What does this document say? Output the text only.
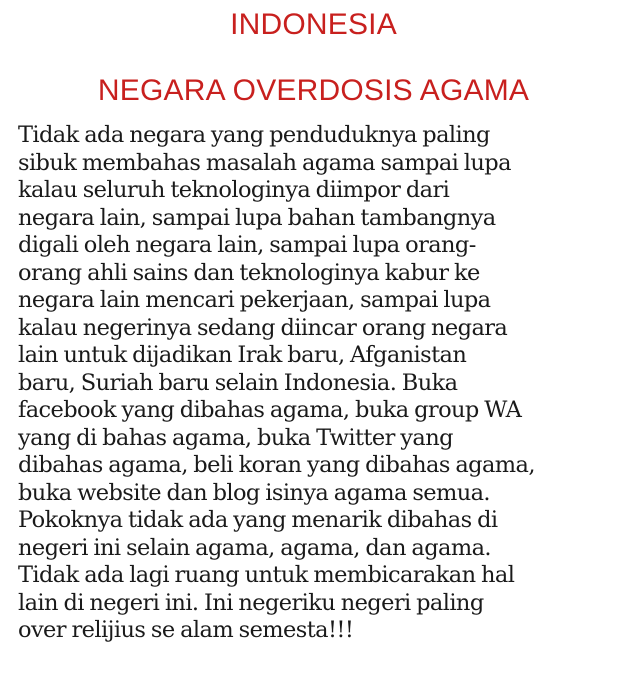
INDONESIA
NEGARA OVERDOSIS AGAMA
Tidak ada negara yang penduduknya paling
sibuk membahas masalah agama sampai lupa
kalau seluruh teknologinya diimpor dari
negara lain, sampai lupa bahan tambangnya
digali oleh negara lain, sampai lupa orang-
orang ahli sains dan teknologinya kabur ke
negara lain mencari pekerjaan, sampai lupa
kalau negerinya sedang diincar orang negara
lain untuk dijadikan Irak baru, Afganistan
baru, Suriah baru selain Indonesia. Buka
facebook yang dibahas agama, buka group WA
yang di bahas agama, buka Twitter yang
dibahas agama, beli koran yang dibahas agama,
buka website dan blog isinya agama semua.
Pokoknya tidak ada yang menarik dibahas di
negeri ini selain agama, agama, dan agama.
Tidak ada lagi ruang untuk membicarakan hal
lain di negeri ini. Ini negeriku negeri paling
over relijius se alam semesta!!!
